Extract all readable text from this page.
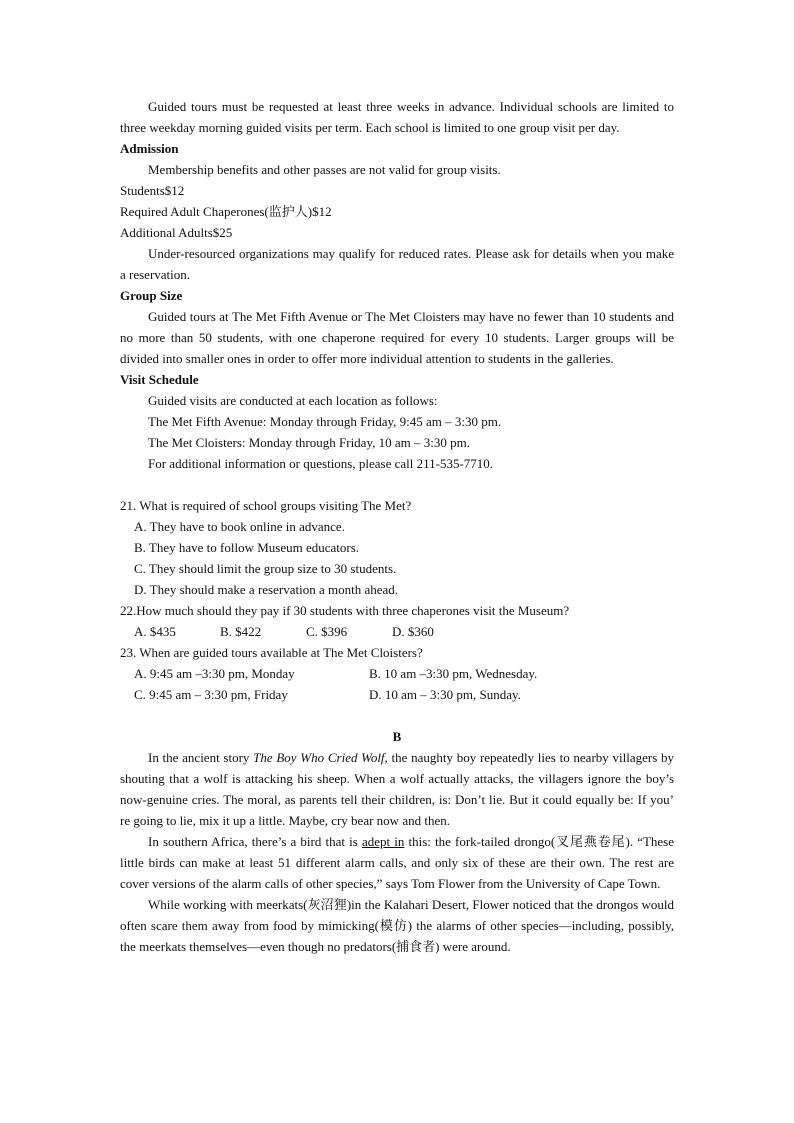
Guided tours must be requested at least three weeks in advance. Individual schools are limited to three weekday morning guided visits per term. Each school is limited to one group visit per day.

Admission

Membership benefits and other passes are not valid for group visits.

Students$12

Required Adult Chaperones(监护人)$12

Additional Adults$25

Under-resourced organizations may qualify for reduced rates. Please ask for details when you make a reservation.

Group Size

Guided tours at The Met Fifth Avenue or The Met Cloisters may have no fewer than 10 students and no more than 50 students, with one chaperone required for every 10 students. Larger groups will be divided into smaller ones in order to offer more individual attention to students in the galleries.

Visit Schedule

Guided visits are conducted at each location as follows:

The Met Fifth Avenue: Monday through Friday, 9:45 am – 3:30 pm.

The Met Cloisters: Monday through Friday, 10 am – 3:30 pm.

For additional information or questions, please call 211-535-7710.

21. What is required of school groups visiting The Met?

A. They have to book online in advance.

B. They have to follow Museum educators.

C. They should limit the group size to 30 students.

D. They should make a reservation a month ahead.

22.How much should they pay if 30 students with three chaperones visit the Museum?

A. $435	B. $422	C. $396	D. $360

23. When are guided tours available at The Met Cloisters?

A. 9:45 am –3:30 pm, Monday	B. 10 am –3:30 pm, Wednesday.
C. 9:45 am – 3:30 pm, Friday	D. 10 am – 3:30 pm, Sunday.

B

In the ancient story The Boy Who Cried Wolf, the naughty boy repeatedly lies to nearby villagers by shouting that a wolf is attacking his sheep. When a wolf actually attacks, the villagers ignore the boy’s now-genuine cries. The moral, as parents tell their children, is: Don’t lie. But it could equally be: If you’ re going to lie, mix it up a little. Maybe, cry bear now and then.

In southern Africa, there’s a bird that is adept in this: the fork-tailed drongo(叉尾燕卷尾). “These little birds can make at least 51 different alarm calls, and only six of these are their own. The rest are cover versions of the alarm calls of other species,” says Tom Flower from the University of Cape Town.

While working with meerkats(灰沼狸)in the Kalahari Desert, Flower noticed that the drongos would often scare them away from food by mimicking(模仿) the alarms of other species—including, possibly, the meerkats themselves—even though no predators(捕食者) were around.
